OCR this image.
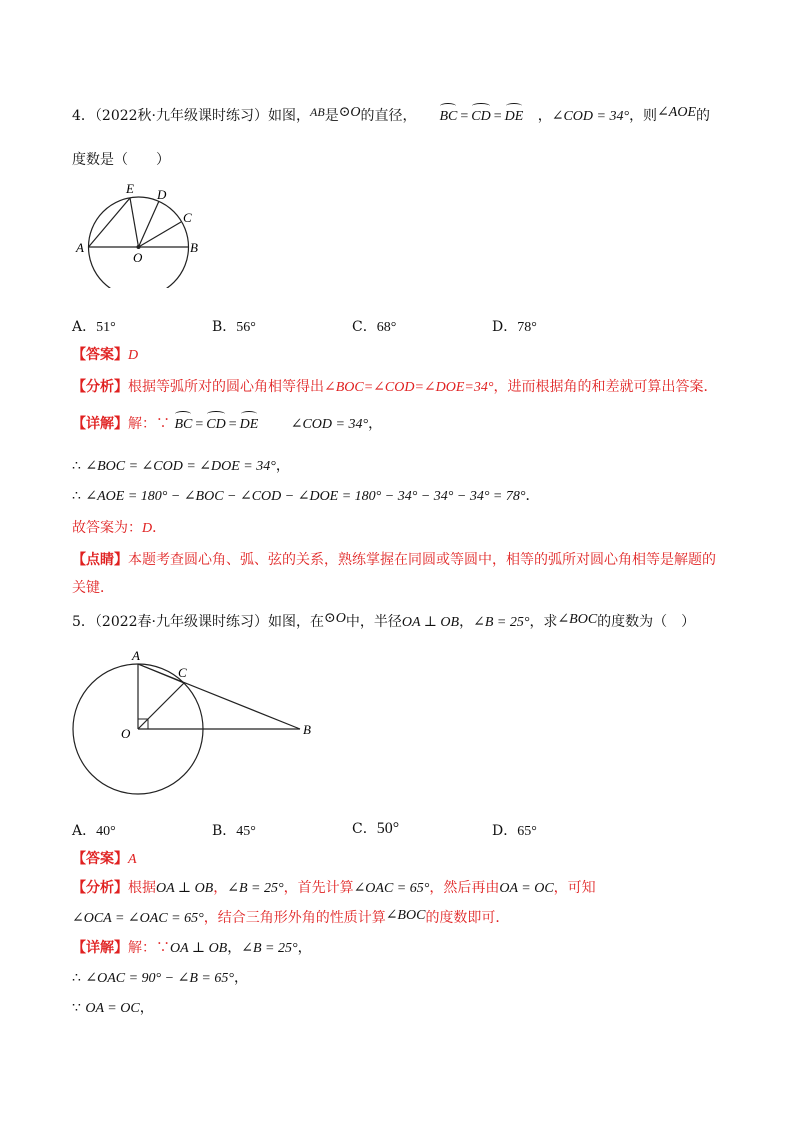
4．（2022秋·九年级课时练习）如图，AB是⊙O的直径， BC = CD = DE ，∠COD = 34°，则∠AOE的
度数是（　　）
A	B
C
D
E
O
A．51°	B．56°	C．68°	D．78°
【答案】D
【分析】根据等弧所对的圆心角相等得出∠BOC=∠COD=∠DOE=34°，进而根据角的和差就可算出答案．
【详解】解：∵ BC = CD = DE ∠COD = 34°，
∴ ∠BOC = ∠COD = ∠DOE = 34°，
∴ ∠AOE = 180° − ∠BOC − ∠COD − ∠DOE = 180° − 34° − 34° − 34° = 78°．
故答案为：D．
【点睛】本题考查圆心角、弧、弦的关系，熟练掌握在同圆或等圆中，相等的弧所对圆心角相等是解题的
关键．
5．（2022春·九年级课时练习）如图，在⊙O中，半径OA ⊥ OB，∠B = 25°，求∠BOC的度数为（　）
A
B
C
O
A．40°	B．45°	C．50°	D．65°
【答案】A
【分析】根据OA ⊥ OB，∠B = 25°，首先计算∠OAC = 65°，然后再由OA = OC，可知
∠OCA = ∠OAC = 65°，结合三角形外角的性质计算∠BOC的度数即可．
【详解】解：∵OA ⊥ OB，∠B = 25°，
∴ ∠OAC = 90° − ∠B = 65°，
∵ OA = OC，
